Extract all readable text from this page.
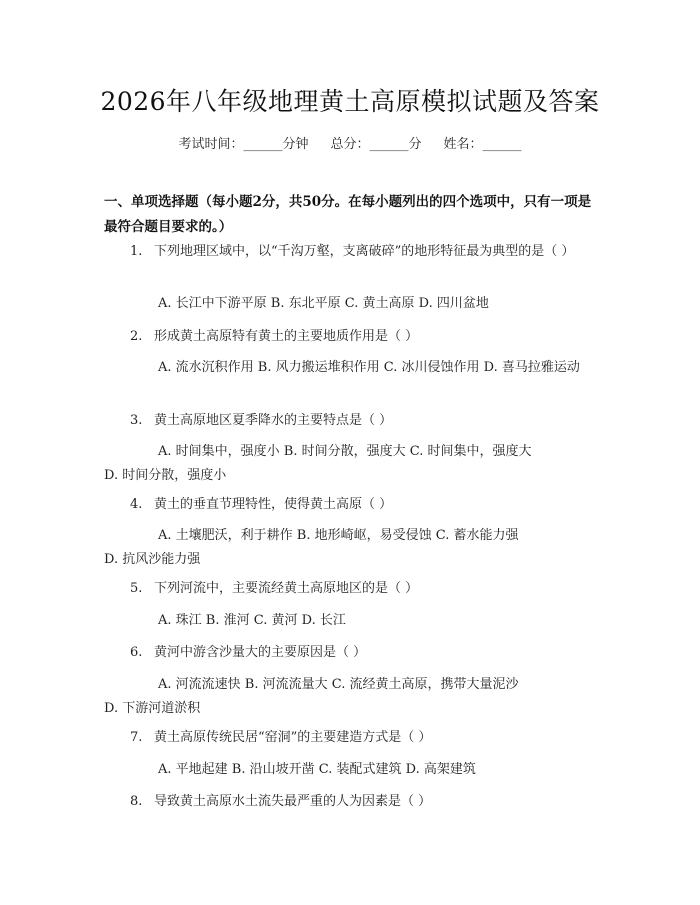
2026年八年级地理黄土高原模拟试题及答案
考试时间：______分钟 总分：______分 姓名：______
一、单项选择题（每小题2分，共50分。在每小题列出的四个选项中，只有一项是最符合题目要求的。）

1. 下列地理区域中，以“千沟万壑，支离破碎”的地形特征最为典型的是（ ）

A. 长江中下游平原 B. 东北平原 C. 黄土高原 D. 四川盆地

2. 形成黄土高原特有黄土的主要地质作用是（ ）

A. 流水沉积作用 B. 风力搬运堆积作用 C. 冰川侵蚀作用 D. 喜马拉雅运动

3. 黄土高原地区夏季降水的主要特点是（ ）

A. 时间集中，强度小 B. 时间分散，强度大 C. 时间集中，强度大 D. 时间分散，强度小

4. 黄土的垂直节理特性，使得黄土高原（ ）

A. 土壤肥沃，利于耕作 B. 地形崎岖，易受侵蚀 C. 蓄水能力强 D. 抗风沙能力强

5. 下列河流中，主要流经黄土高原地区的是（ ）

A. 珠江 B. 淮河 C. 黄河 D. 长江

6. 黄河中游含沙量大的主要原因是（ ）

A. 河流流速快 B. 河流流量大 C. 流经黄土高原，携带大量泥沙 D. 下游河道淤积

7. 黄土高原传统民居“窑洞”的主要建造方式是（ ）

A. 平地起建 B. 沿山坡开凿 C. 装配式建筑 D. 高架建筑

8. 导致黄土高原水土流失最严重的人为因素是（ ）
